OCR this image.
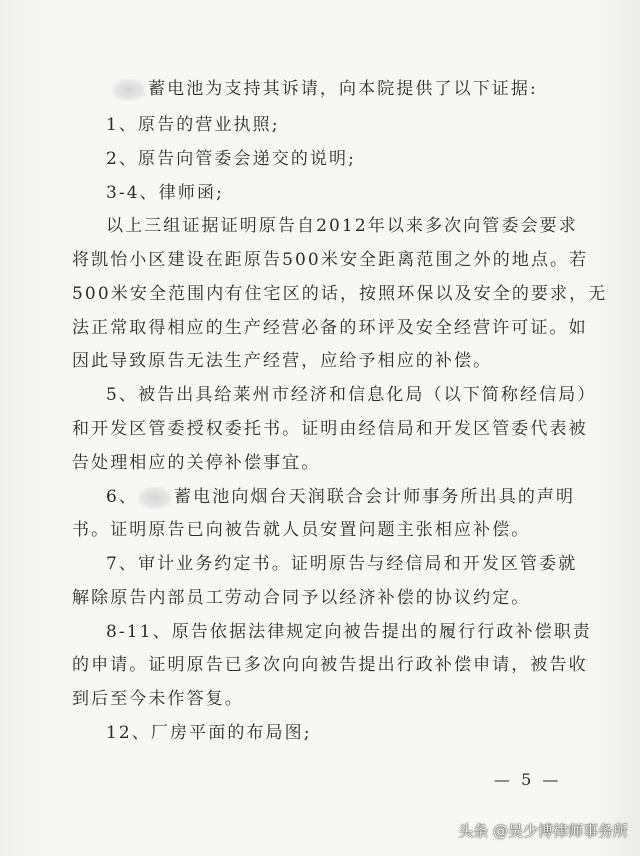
蓄电池为支持其诉请，向本院提供了以下证据:
1、原告的营业执照;
2、原告向管委会递交的说明;
3-4、律师函;
以上三组证据证明原告自2012年以来多次向管委会要求
将凯怡小区建设在距原告500米安全距离范围之外的地点。若
500米安全范围内有住宅区的话，按照环保以及安全的要求，无
法正常取得相应的生产经营必备的环评及安全经营许可证。如
因此导致原告无法生产经营，应给予相应的补偿。
5、被告出具给莱州市经济和信息化局（以下简称经信局）
和开发区管委授权委托书。证明由经信局和开发区管委代表被
告处理相应的关停补偿事宜。
6、 蓄电池向烟台天润联合会计师事务所出具的声明
书。证明原告已向被告就人员安置问题主张相应补偿。
7、审计业务约定书。证明原告与经信局和开发区管委就
解除原告内部员工劳动合同予以经济补偿的协议约定。
8-11、原告依据法律规定向被告提出的履行行政补偿职责
的申请。证明原告已多次向向被告提出行政补偿申请，被告收
到后至今未作答复。
12、厂房平面的布局图;
— 5 —
头条 @吴少博律师事务所
